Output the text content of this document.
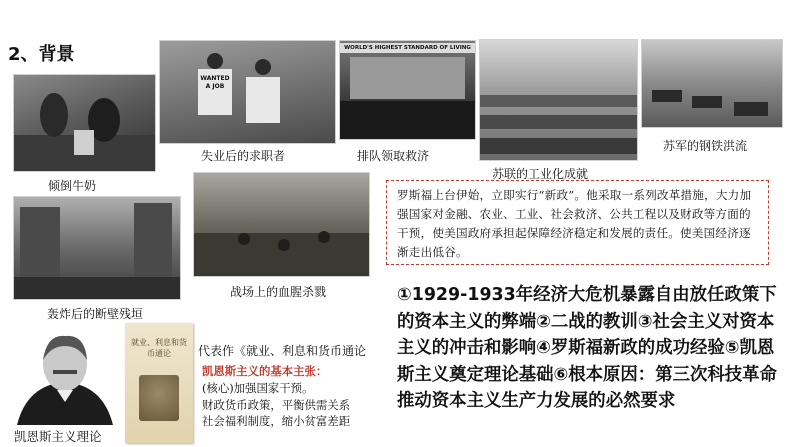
2、背景
倾倒牛奶
WANTED A JOB
失业后的求职者
WORLD'S HIGHEST STANDARD OF LIVING
排队领取救济
苏联的工业化成就
苏军的钢铁洪流
轰炸后的断壁残垣
战场上的血腥杀戮
罗斯福上台伊始，立即实行“新政”。他采取一系列改革措施，大力加强国家对金融、农业、工业、社会救济、公共工程以及财政等方面的干预，使美国政府承担起保障经济稳定和发展的责任。使美国经济逐渐走出低谷。
①1929-1933年经济大危机暴露自由放任政策下的资本主义的弊端②二战的教训③社会主义对资本主义的冲击和影响④罗斯福新政的成功经验⑤凯恩斯主义奠定理论基础⑥根本原因：第三次科技革命推动资本主义生产力发展的必然要求
凯恩斯主义理论
就业、利息和货币通论	代表作《就业、利息和货币通论
凯恩斯主义的基本主张：
(核心)加强国家干预。
财政货币政策，平衡供需关系
社会福利制度，缩小贫富差距
